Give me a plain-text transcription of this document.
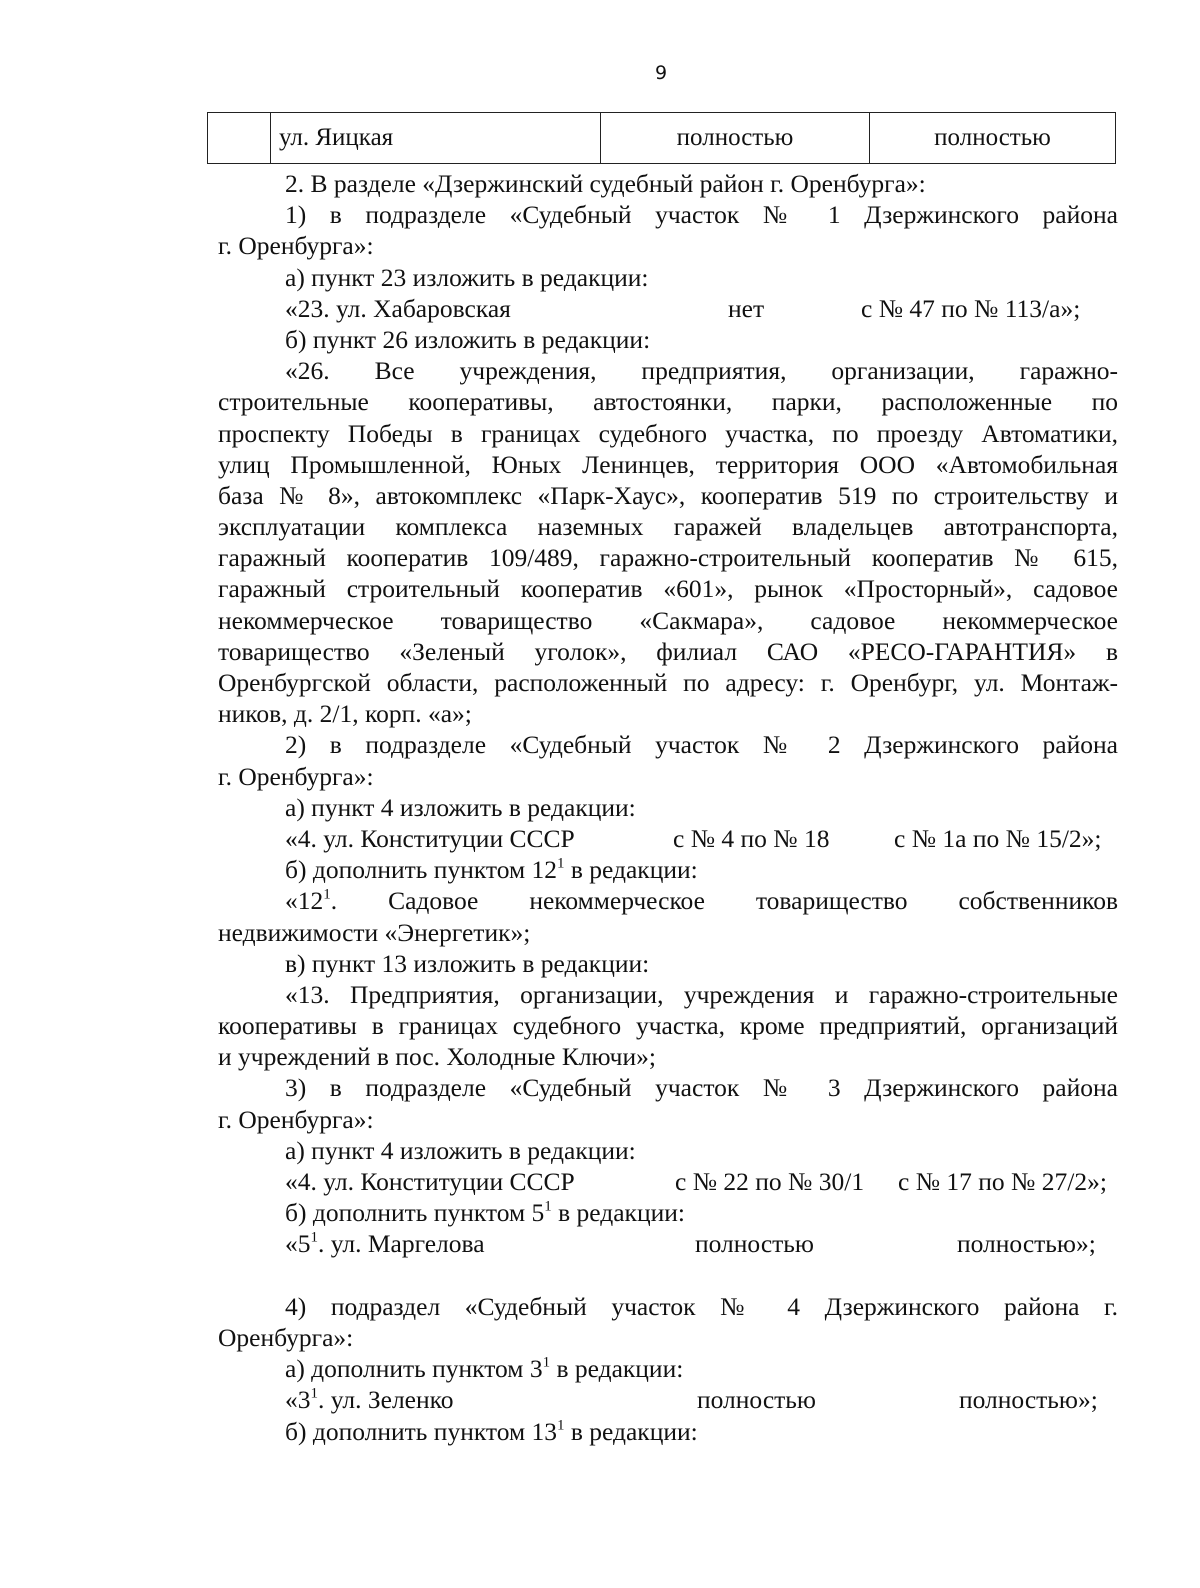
9
	ул. Яицкая	полностью	полностью
2. В разделе «Дзержинский судебный район г. Оренбурга»:
1) в подразделе «Судебный участок № 1 Дзержинского района
г. Оренбурга»:
а) пункт 23 изложить в редакции:
«23. ул. Хабаровская	нет	с № 47 по № 113/а»;
б) пункт 26 изложить в редакции:
«26. Все учреждения, предприятия, организации, гаражно-
строительные кооперативы, автостоянки, парки, расположенные по
проспекту Победы в границах судебного участка, по проезду Автоматики,
улиц Промышленной, Юных Ленинцев, территория ООО «Автомобильная
база № 8», автокомплекс «Парк-Хаус», кооператив 519 по строительству и
эксплуатации комплекса наземных гаражей владельцев автотранспорта,
гаражный кооператив 109/489, гаражно-строительный кооператив № 615,
гаражный строительный кооператив «601», рынок «Просторный», садовое
некоммерческое товарищество «Сакмара», садовое некоммерческое
товарищество «Зеленый уголок», филиал САО «РЕСО-ГАРАНТИЯ» в
Оренбургской области, расположенный по адресу: г. Оренбург, ул. Монтаж-
ников, д. 2/1, корп. «а»;
2) в подразделе «Судебный участок № 2 Дзержинского района
г. Оренбурга»:
а) пункт 4 изложить в редакции:
«4. ул. Конституции СССР	с № 4 по № 18	с № 1а по № 15/2»;
б) дополнить пунктом $12^1$ в редакции:
«$12^1$. Садовое некоммерческое товарищество собственников
недвижимости «Энергетик»;
в) пункт 13 изложить в редакции:
«13. Предприятия, организации, учреждения и гаражно-строительные
кооперативы в границах судебного участка, кроме предприятий, организаций
и учреждений в пос. Холодные Ключи»;
3) в подразделе «Судебный участок № 3 Дзержинского района
г. Оренбурга»:
а) пункт 4 изложить в редакции:
«4. ул. Конституции СССР	с № 22 по № 30/1	с № 17 по № 27/2»;
б) дополнить пунктом $5^1$ в редакции:
«$5^1$. ул. Маргелова	полностью	полностью»;
4) подраздел «Судебный участок № 4 Дзержинского района г.
Оренбурга»:
а) дополнить пунктом $3^1$ в редакции:
«$3^1$. ул. Зеленко	полностью	полностью»;
б) дополнить пунктом $13^1$ в редакции:
